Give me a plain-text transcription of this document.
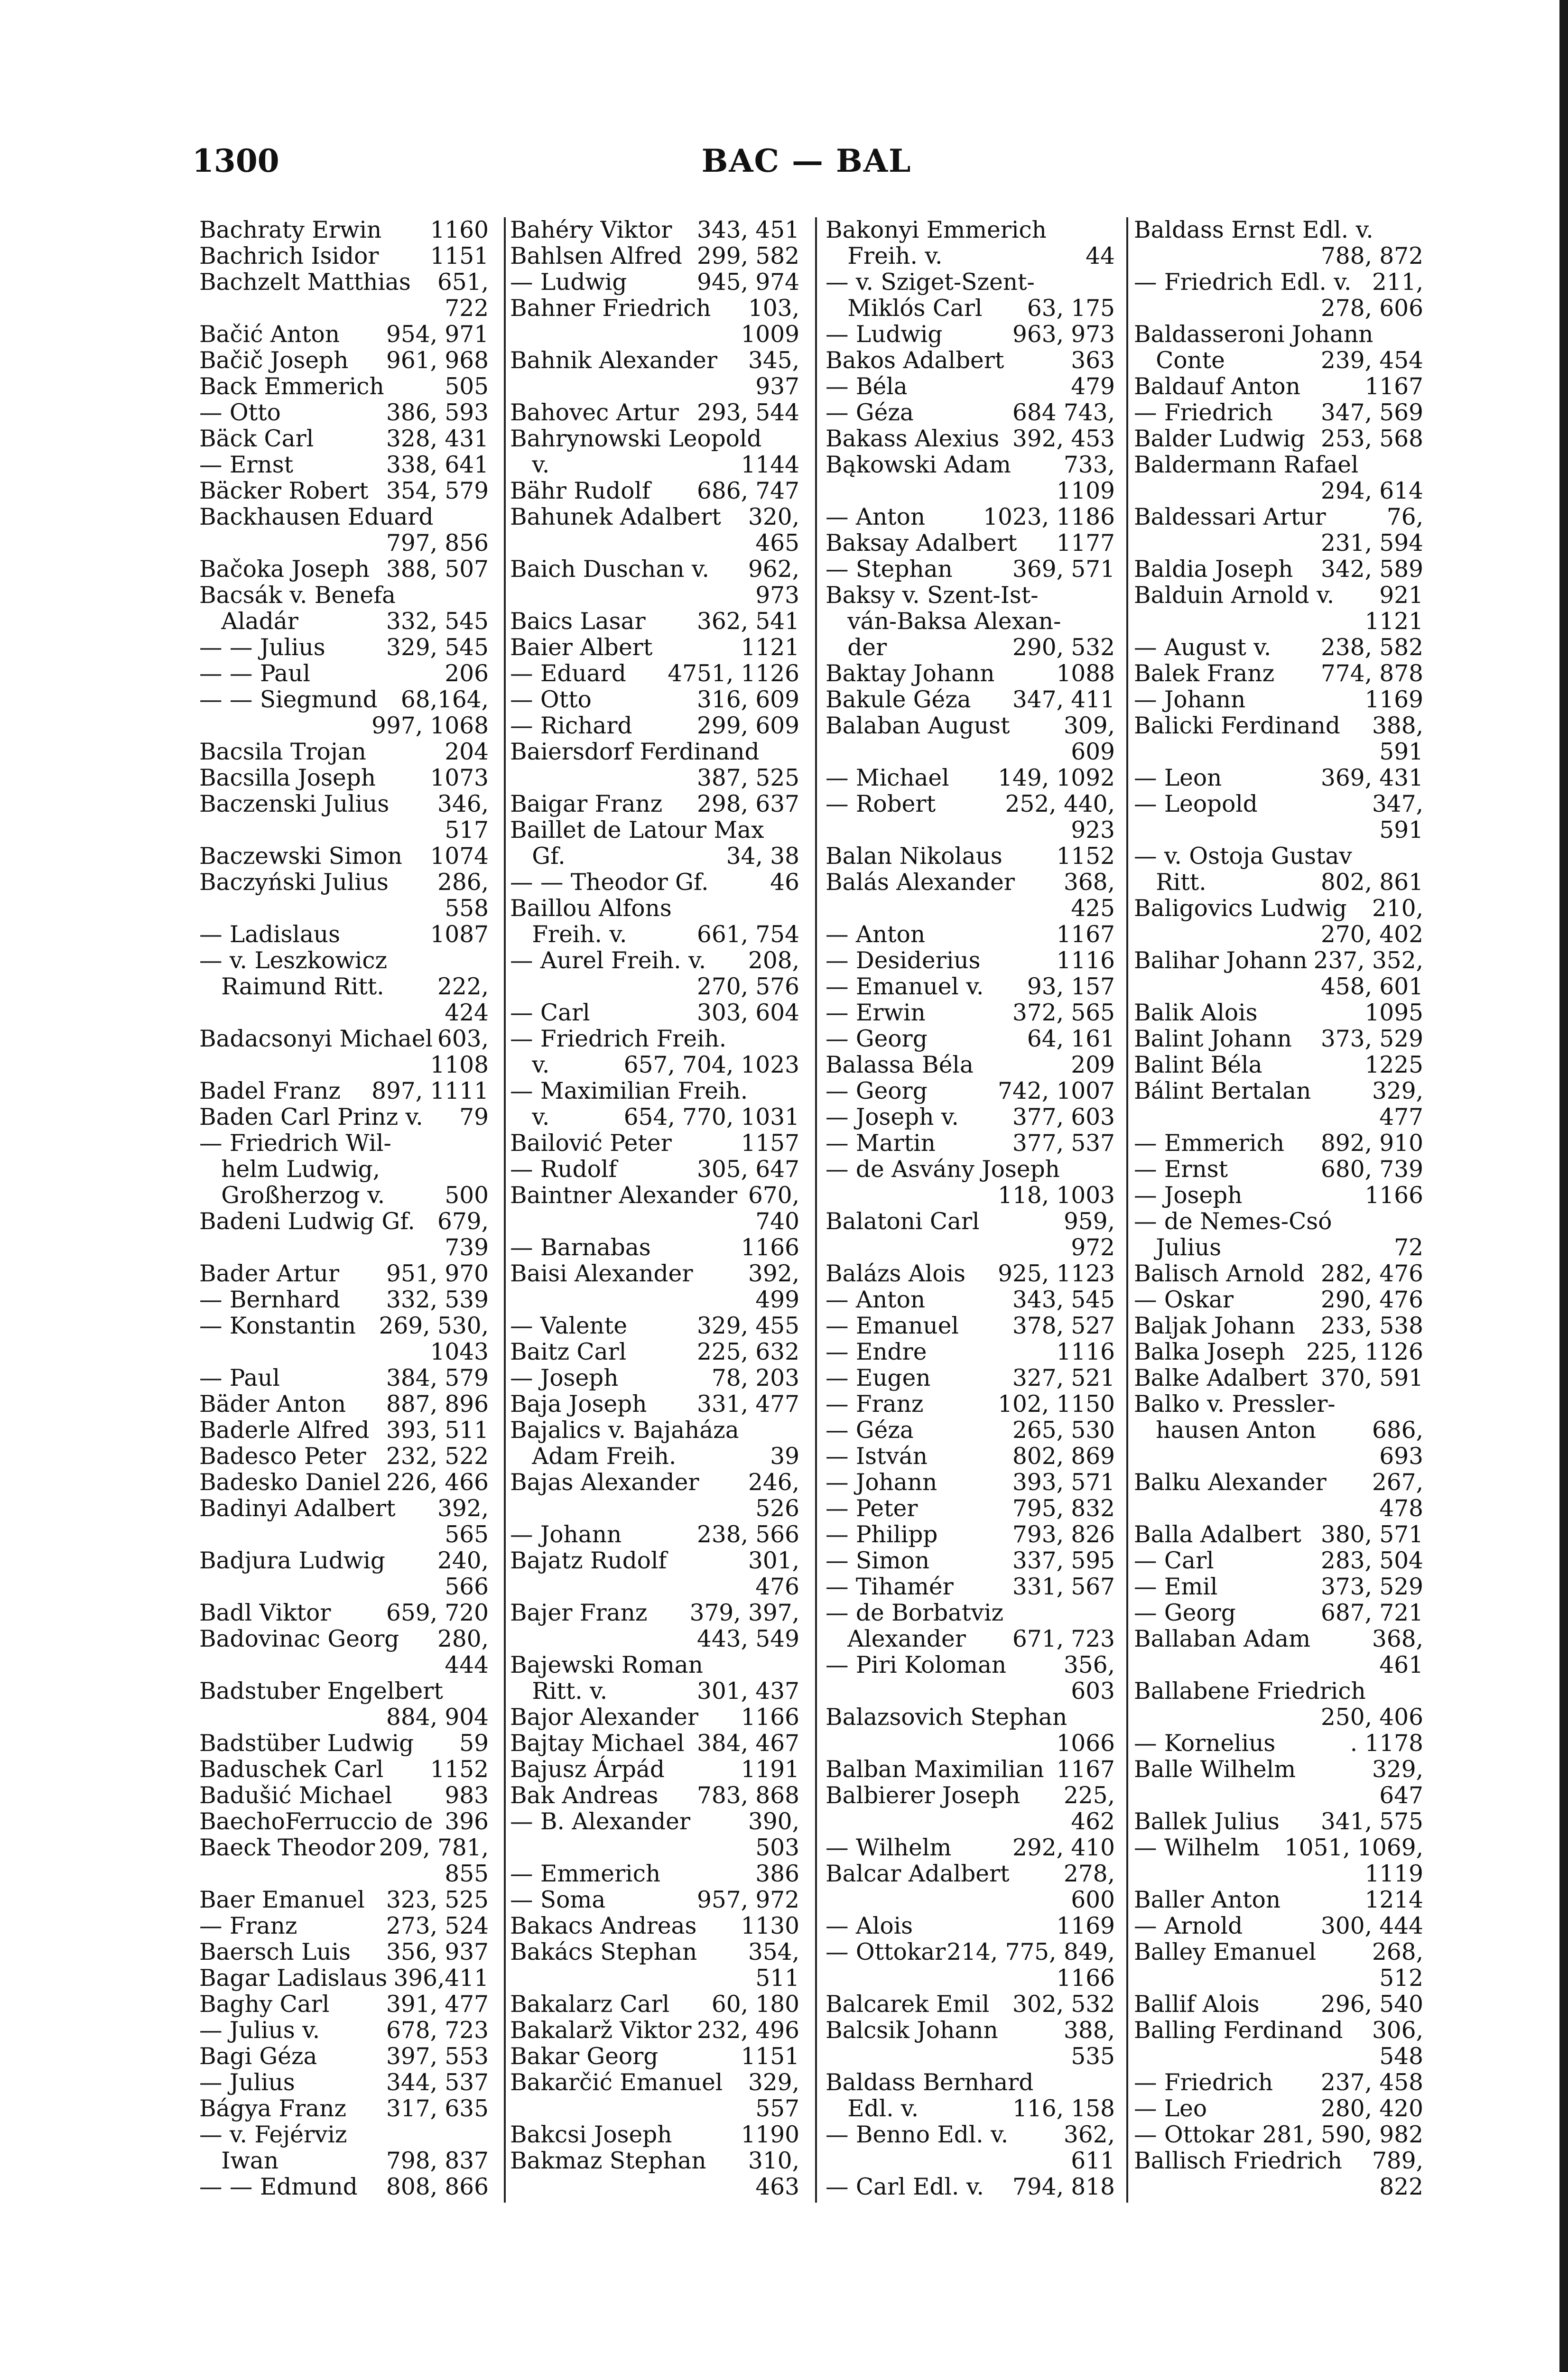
1300	BAC — BAL
Bachraty Erwin 1160
Bachrich Isidor 1151
Bachzelt Matthias 651,
722
Bačić Anton 954, 971
Bačič Joseph 961, 968
Back Emmerich	505
— Otto	386, 593
Bäck Carl	328, 431
— Ernst	338, 641
Bäcker Robert 354, 579
Backhausen Eduard
797, 856
Bačoka Joseph 388, 507
Bacsák v. Benefa
Aladár	332, 545
— — Julius	329, 545
— — Paul	206
— — Siegmund 68,164,
997, 1068
Bacsila Trojan	204
Bacsilla Joseph 1073
Baczenski Julius 346,
517
Baczewski Simon 1074
Baczyński Julius 286,
558
— Ladislaus	1087
— v. Leszkowicz
Raimund Ritt. 222,
424
Badacsonyi Michael 603,
1108
Badel Franz 897, 1111
Baden Carl Prinz v. 79
— Friedrich Wil-
helm Ludwig,
Großherzog v.	500
Badeni Ludwig Gf. 679,
739
Bader Artur 951, 970
— Bernhard 332, 539
— Konstantin 269, 530,
1043
— Paul	384, 579
Bäder Anton 887, 896
Baderle Alfred 393, 511
Badesco Peter 232, 522
Badesko Daniel 226, 466
Badinyi Adalbert 392,
565
Badjura Ludwig 240,
566
Badl Viktor 659, 720
Badovinac Georg 280,
444
Badstuber Engelbert
884, 904
Badstüber Ludwig 59
Baduschek Carl 1152
Badušić Michael 983
BaechoFerruccio de 396
Baeck Theodor 209, 781,
855
Baer Emanuel 323, 525
— Franz	273, 524
Baersch Luis 356, 937
Bagar Ladislaus 396,411
Baghy Carl 391, 477
— Julius v.	678, 723
Bagi Géza	397, 553
— Julius	344, 537
Bágya Franz 317, 635
— v. Fejérviz
Iwan	798, 837
— — Edmund 808, 866
Bahéry Viktor 343, 451
Bahlsen Alfred 299, 582
— Ludwig	945, 974
Bahner Friedrich 103,
1009
Bahnik Alexander 345,
937
Bahovec Artur 293, 544
Bahrynowski Leopold
v.	1144
Bähr Rudolf 686, 747
Bahunek Adalbert 320,
465
Baich Duschan v. 962,
973
Baics Lasar 362, 541
Baier Albert	1121
— Eduard 4751, 1126
— Otto	316, 609
— Richard	299, 609
Baiersdorf Ferdinand
387, 525
Baigar Franz 298, 637
Baillet de Latour Max
Gf.	34, 38
— — Theodor Gf.	46
Baillou Alfons
Freih. v.	661, 754
— Aurel Freih. v. 208,
270, 576
— Carl	303, 604
— Friedrich Freih.
v.	657, 704, 1023
— Maximilian Freih.
v.	654, 770, 1031
Bailović Peter	1157
— Rudolf	305, 647
Baintner Alexander 670,
740
— Barnabas	1166
Baisi Alexander 392,
499
— Valente	329, 455
Baitz Carl	225, 632
— Joseph	78, 203
Baja Joseph 331, 477
Bajalics v. Bajaháza
Adam Freih.	39
Bajas Alexander 246,
526
— Johann	238, 566
Bajatz Rudolf	301,
476
Bajer Franz 379, 397,
443, 549
Bajewski Roman
Ritt. v.	301, 437
Bajor Alexander 1166
Bajtay Michael 384, 467
Bajusz Árpád	1191
Bak Andreas 783, 868
— B. Alexander	390,
503
— Emmerich	386
— Soma	957, 972
Bakacs Andreas 1130
Bakács Stephan 354,
511
Bakalarz Carl 60, 180
Bakalarž Viktor 232, 496
Bakar Georg	1151
Bakarčić Emanuel 329,
557
Bakcsi Joseph	1190
Bakmaz Stephan 310,
463
Bakonyi Emmerich
Freih. v.	44
— v. Sziget-Szent-
Miklós Carl 63, 175
— Ludwig	963, 973
Bakos Adalbert	363
— Béla	479
— Géza	684 743,
Bakass Alexius 392, 453
Bąkowski Adam 733,
1109
— Anton	1023, 1186
Baksay Adalbert 1177
— Stephan	369, 571
Baksy v. Szent-Ist-
ván-Baksa Alexan-
der	290, 532
Baktay Johann	1088
Bakule Géza 347, 411
Balaban August 309,
609
— Michael 149, 1092
— Robert	252, 440,
923
Balan Nikolaus 1152
Balás Alexander 368,
425
— Anton	1167
— Desiderius	1116
— Emanuel v. 93, 157
— Erwin	372, 565
— Georg	64, 161
Balassa Béla	209
— Georg	742, 1007
— Joseph v. 377, 603
— Martin	377, 537
— de Asvány Joseph
118, 1003
Balatoni Carl	959,
972
Balázs Alois 925, 1123
— Anton	343, 545
— Emanuel 378, 527
— Endre	1116
— Eugen	327, 521
— Franz	102, 1150
— Géza	265, 530
— István	802, 869
— Johann	393, 571
— Peter	795, 832
— Philipp	793, 826
— Simon	337, 595
— Tihamér	331, 567
— de Borbatviz
Alexander 671, 723
— Piri Koloman 356,
603
Balazsovich Stephan
1066
Balban Maximilian 1167
Balbierer Joseph 225,
462
— Wilhelm	292, 410
Balcar Adalbert 278,
600
— Alois	1169
— Ottokar 214, 775, 849,
1166
Balcarek Emil 302, 532
Balcsik Johann	388,
535
Baldass Bernhard
Edl. v.	116, 158
— Benno Edl. v. 362,
611
— Carl Edl. v. 794, 818
Baldass Ernst Edl. v.
788, 872
— Friedrich Edl. v. 211,
278, 606
Baldasseroni Johann
Conte	239, 454
Baldauf Anton	1167
— Friedrich 347, 569
Balder Ludwig 253, 568
Baldermann Rafael
294, 614
Baldessari Artur	76,
231, 594
Baldia Joseph 342, 589
Balduin Arnold v. 921
1121
— August v. 238, 582
Balek Franz 774, 878
— Johann	1169
Balicki Ferdinand 388,
591
— Leon	369, 431
— Leopold	347,
591
— v. Ostoja Gustav
Ritt.	802, 861
Baligovics Ludwig 210,
270, 402
Balihar Johann 237, 352,
458, 601
Balik Alois	1095
Balint Johann 373, 529
Balint Béla	1225
Bálint Bertalan	329,
477
— Emmerich 892, 910
— Ernst	680, 739
— Joseph	1166
— de Nemes-Csó
Julius	72
Balisch Arnold 282, 476
— Oskar	290, 476
Baljak Johann 233, 538
Balka Joseph 225, 1126
Balke Adalbert 370, 591
Balko v. Pressler-
hausen Anton 686,
693
Balku Alexander 267,
478
Balla Adalbert 380, 571
— Carl	283, 504
— Emil	373, 529
— Georg	687, 721
Ballaban Adam	368,
461
Ballabene Friedrich
250, 406
— Kornelius	. 1178
Balle Wilhelm	329,
647
Ballek Julius 341, 575
— Wilhelm 1051, 1069,
1119
Baller Anton	1214
— Arnold	300, 444
Balley Emanuel 268,
512
Ballif Alois	296, 540
Balling Ferdinand 306,
548
— Friedrich 237, 458
— Leo	280, 420
— Ottokar 281, 590, 982
Ballisch Friedrich 789,
822
